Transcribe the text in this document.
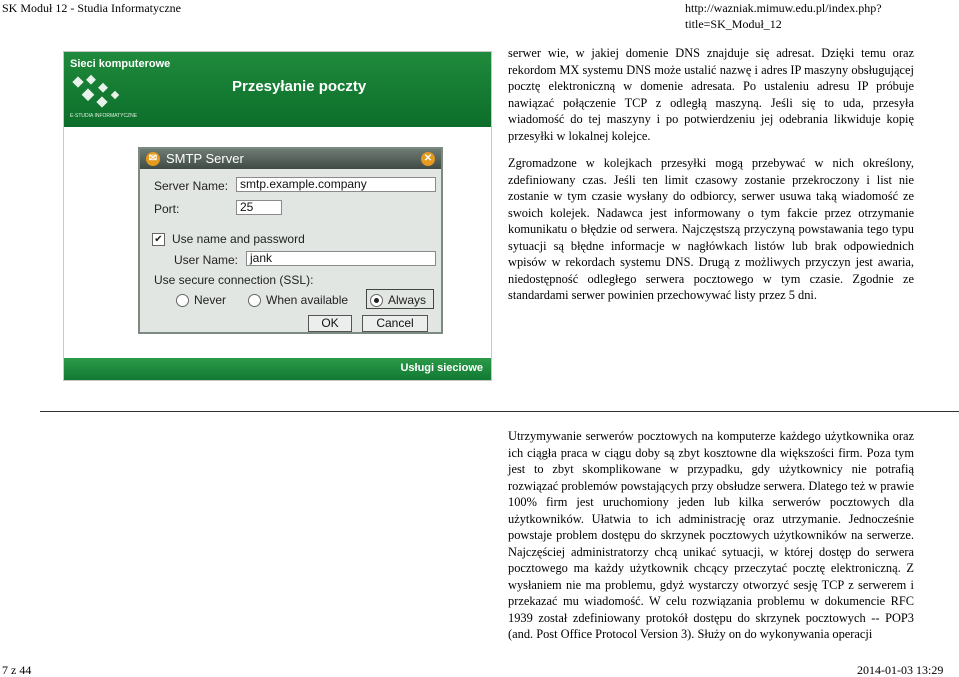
SK Moduł 12 - Studia Informatyczne	http://wazniak.mimuw.edu.pl/index.php?title=SK_Moduł_12
Sieci komputerowe
E-STUDIA INFORMATYCZNE
Przesyłanie poczty
✉ SMTP Server	✕
Server Name: smtp.example.company
Port:	25
✔ Use name and password
User Name: jank
Use secure connection (SSL):
Never	When available	Always
OK	Cancel
Usługi sieciowe

serwer wie, w jakiej domenie DNS znajduje się adresat. Dzięki temu oraz rekordom MX systemu DNS może ustalić nazwę i adres IP maszyny obsługującej pocztę elektroniczną w domenie adresata. Po ustaleniu adresu IP próbuje nawiązać połączenie TCP z odległą maszyną. Jeśli się to uda, przesyła wiadomość do tej maszyny i po potwierdzeniu jej odebrania likwiduje kopię przesyłki w lokalnej kolejce.

Zgromadzone w kolejkach przesyłki mogą przebywać w nich określony, zdefiniowany czas. Jeśli ten limit czasowy zostanie przekroczony i list nie zostanie w tym czasie wysłany do odbiorcy, serwer usuwa taką wiadomość ze swoich kolejek. Nadawca jest informowany o tym fakcie przez otrzymanie komunikatu o błędzie od serwera. Najczęstszą przyczyną powstawania tego typu sytuacji są błędne informacje w nagłówkach listów lub brak odpowiednich wpisów w rekordach systemu DNS. Drugą z możliwych przyczyn jest awaria, niedostępność odległego serwera pocztowego w tym czasie. Zgodnie ze standardami serwer powinien przechowywać listy przez 5 dni.

Utrzymywanie serwerów pocztowych na komputerze każdego użytkownika oraz ich ciągła praca w ciągu doby są zbyt kosztowne dla większości firm. Poza tym jest to zbyt skomplikowane w przypadku, gdy użytkownicy nie potrafią rozwiązać problemów powstających przy obsłudze serwera. Dlatego też w prawie 100% firm jest uruchomiony jeden lub kilka serwerów pocztowych dla użytkowników. Ułatwia to ich administrację oraz utrzymanie. Jednocześnie powstaje problem dostępu do skrzynek pocztowych użytkowników na serwerze. Najczęściej administratorzy chcą unikać sytuacji, w której dostęp do serwera pocztowego ma każdy użytkownik chcący przeczytać pocztę elektroniczną. Z wysłaniem nie ma problemu, gdyż wystarczy otworzyć sesję TCP z serwerem i przekazać mu wiadomość. W celu rozwiązania problemu w dokumencie RFC 1939 został zdefiniowany protokół dostępu do skrzynek pocztowych -- POP3 (and. Post Office Protocol Version 3). Służy on do wykonywania operacji

7 z 44	2014-01-03 13:29
